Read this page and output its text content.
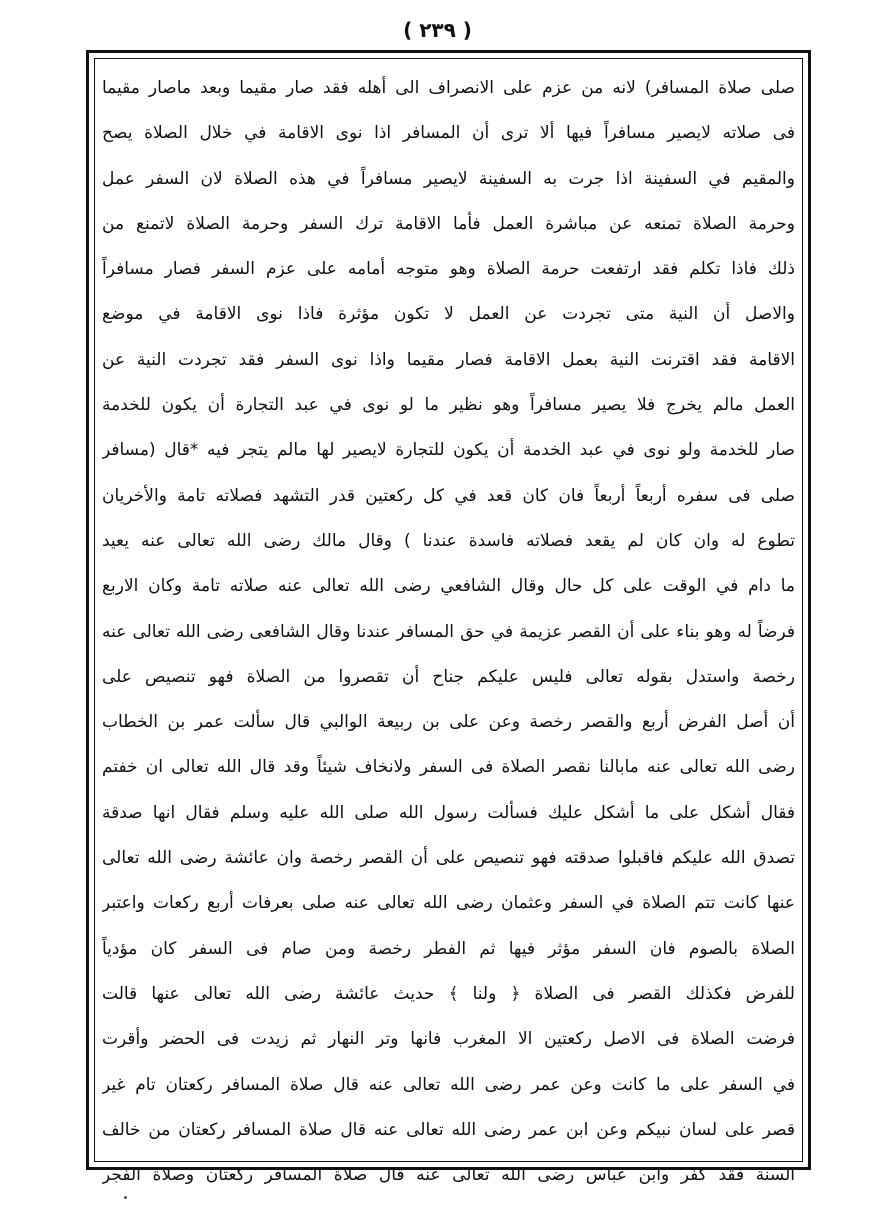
( ٢٣٩ )
صلى صلاة المسافر) لانه من عزم على الانصراف الى أهله فقد صار مقيما وبعد ماصار مقيما
فى صلاته لايصير مسافراً فيها ألا ترى أن المسافر اذا نوى الاقامة في خلال الصلاة يصح
والمقيم في السفينة اذا جرت به السفينة لايصير مسافراً في هذه الصلاة لان السفر عمل
وحرمة الصلاة تمنعه عن مباشرة العمل فأما الاقامة ترك السفر وحرمة الصلاة لاتمنع من
ذلك فاذا تكلم فقد ارتفعت حرمة الصلاة وهو متوجه أمامه على عزم السفر فصار مسافراً
والاصل أن النية متى تجردت عن العمل لا تكون مؤثرة فاذا نوى الاقامة في موضع
الاقامة فقد اقترنت النية بعمل الاقامة فصار مقيما واذا نوى السفر فقد تجردت النية عن
العمل مالم يخرج فلا يصير مسافراً وهو نظير ما لو نوى في عبد التجارة أن يكون للخدمة
صار للخدمة ولو نوى في عبد الخدمة أن يكون للتجارة لايصير لها مالم يتجر فيه *قال (مسافر
صلى فى سفره أربعاً أربعاً فان كان قعد في كل ركعتين قدر التشهد فصلاته تامة والأخريان
تطوع له وان كان لم يقعد فصلاته فاسدة عندنا ) وقال مالك رضى الله تعالى عنه يعيد
ما دام في الوقت على كل حال وقال الشافعي رضى الله تعالى عنه صلاته تامة وكان الاربع
فرضاً له وهو بناء على أن القصر عزيمة في حق المسافر عندنا وقال الشافعى رضى الله تعالى عنه
رخصة واستدل بقوله تعالى فليس عليكم جناح أن تقصروا من الصلاة فهو تنصيص على
أن أصل الفرض أربع والقصر رخصة وعن على بن ربيعة الوالبي قال سألت عمر بن الخطاب
رضى الله تعالى عنه مابالنا نقصر الصلاة فى السفر ولانخاف شيئاً وقد قال الله تعالى ان خفتم
فقال أشكل على ما أشكل عليك فسألت رسول الله صلى الله عليه وسلم فقال انها صدقة
تصدق الله عليكم فاقبلوا صدقته فهو تنصيص على أن القصر رخصة وان عائشة رضى الله تعالى
عنها كانت تتم الصلاة في السفر وعثمان رضى الله تعالى عنه صلى بعرفات أربع ركعات واعتبر
الصلاة بالصوم فان السفر مؤثر فيها ثم الفطر رخصة ومن صام فى السفر كان مؤدياً
للفرض فكذلك القصر فى الصلاة ﴿ ولنا ﴾ حديث عائشة رضى الله تعالى عنها قالت
فرضت الصلاة فى الاصل ركعتين الا المغرب فانها وتر النهار ثم زيدت فى الحضر وأقرت
في السفر على ما كانت وعن عمر رضى الله تعالى عنه قال صلاة المسافر ركعتان تام غير
قصر على لسان نبيكم وعن ابن عمر رضى الله تعالى عنه قال صلاة المسافر ركعتان من خالف
السنة فقد كفر وابن عباس رضى الله تعالى عنه قال صلاة المسافر ركعتان وصلاة الفجر
